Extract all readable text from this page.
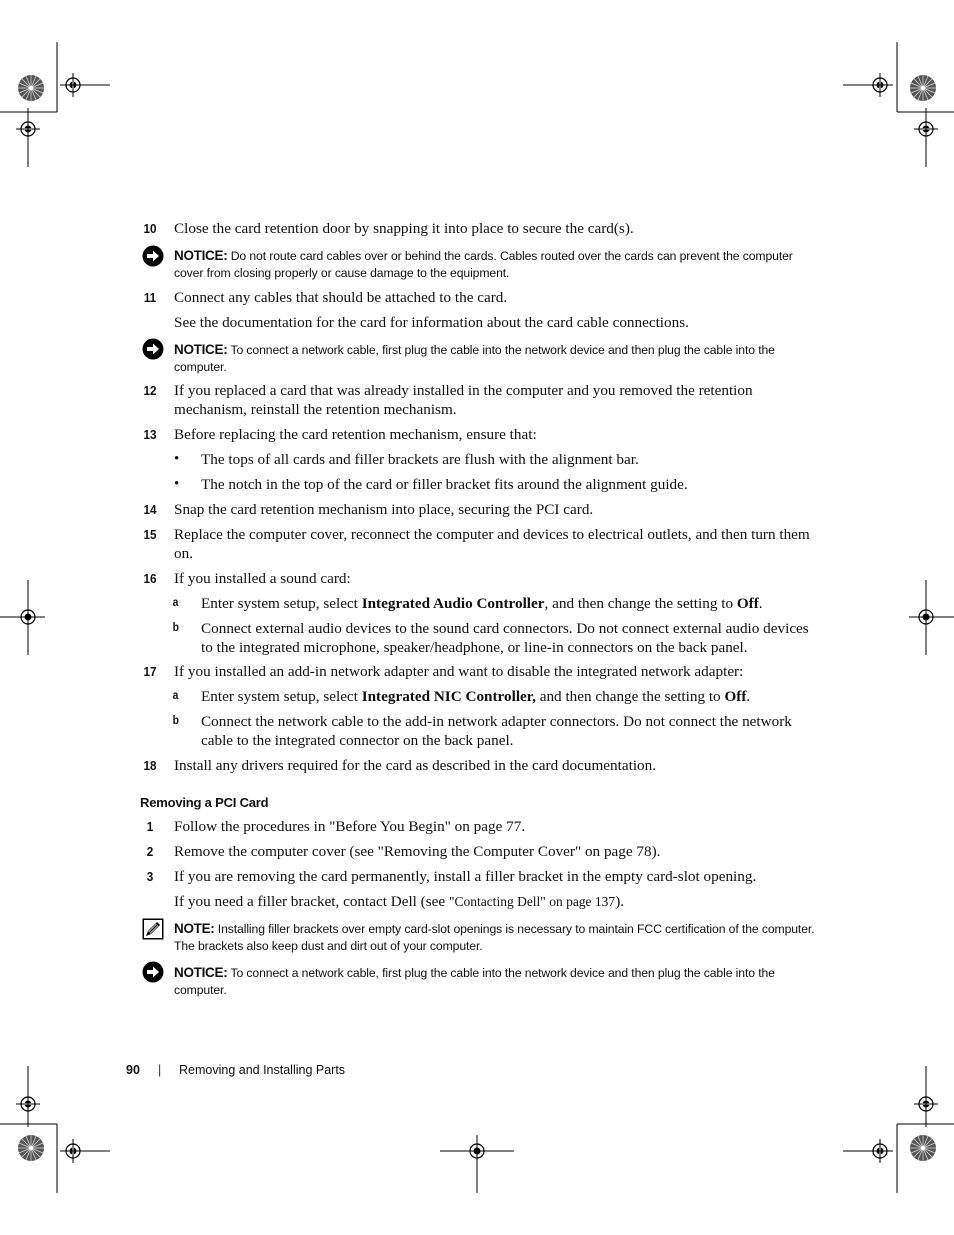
10 Close the card retention door by snapping it into place to secure the card(s).
NOTICE: Do not route card cables over or behind the cards. Cables routed over the cards can prevent the computer cover from closing properly or cause damage to the equipment.
11 Connect any cables that should be attached to the card.
See the documentation for the card for information about the card cable connections.
NOTICE: To connect a network cable, first plug the cable into the network device and then plug the cable into the computer.
12 If you replaced a card that was already installed in the computer and you removed the retention mechanism, reinstall the retention mechanism.
13 Before replacing the card retention mechanism, ensure that:
•	The tops of all cards and filler brackets are flush with the alignment bar.
•	The notch in the top of the card or filler bracket fits around the alignment guide.
14 Snap the card retention mechanism into place, securing the PCI card.
15 Replace the computer cover, reconnect the computer and devices to electrical outlets, and then turn them on.
16 If you installed a sound card:
a	Enter system setup, select Integrated Audio Controller, and then change the setting to Off.
b Connect external audio devices to the sound card connectors. Do not connect external audio devices to the integrated microphone, speaker/headphone, or line-in connectors on the back panel.
17 If you installed an add-in network adapter and want to disable the integrated network adapter:
a	Enter system setup, select Integrated NIC Controller, and then change the setting to Off.
b Connect the network cable to the add-in network adapter connectors. Do not connect the network cable to the integrated connector on the back panel.
18 Install any drivers required for the card as described in the card documentation.
Removing a PCI Card
1	Follow the procedures in "Before You Begin" on page 77.
2	Remove the computer cover (see "Removing the Computer Cover" on page 78).
3	If you are removing the card permanently, install a filler bracket in the empty card-slot opening.
If you need a filler bracket, contact Dell (see "Contacting Dell" on page 137).
NOTE: Installing filler brackets over empty card-slot openings is necessary to maintain FCC certification of the computer. The brackets also keep dust and dirt out of your computer.
NOTICE: To connect a network cable, first plug the cable into the network device and then plug the cable into the computer.
90 | Removing and Installing Parts
